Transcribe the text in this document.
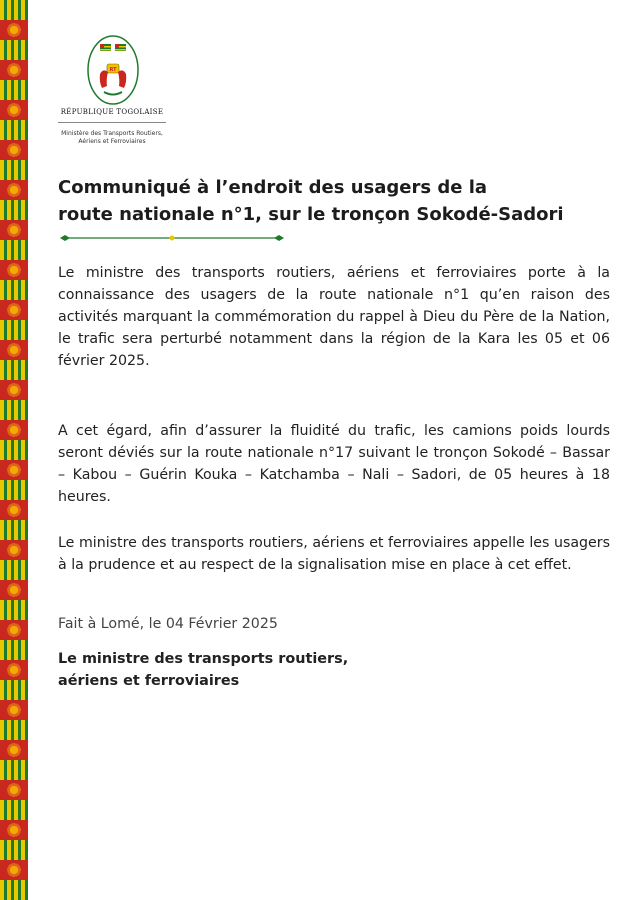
RT
RÉPUBLIQUE TOGOLAISE
Ministère des Transports Routiers,
Aériens et Ferroviaires
Communiqué à l’endroit des usagers de la
route nationale n°1, sur le tronçon Sokodé-Sadori
Le ministre des transports routiers, aériens et ferroviaires porte à la connaissance des usagers de la route nationale n°1 qu’en raison des activités marquant la commémoration du rappel à Dieu du Père de la Nation, le trafic sera perturbé notamment dans la région de la Kara les 05 et 06 février 2025.
A cet égard, afin d’assurer la fluidité du trafic, les camions poids lourds seront déviés sur la route nationale n°17 suivant le tronçon Sokodé – Bassar – Kabou – Guérin Kouka – Katchamba – Nali – Sadori, de 05 heures à 18 heures.
Le ministre des transports routiers, aériens et ferroviaires appelle les usagers à la prudence et au respect de la signalisation mise en place à cet effet.
Fait à Lomé, le 04 Février 2025
Le ministre des transports routiers,
aériens et ferroviaires
